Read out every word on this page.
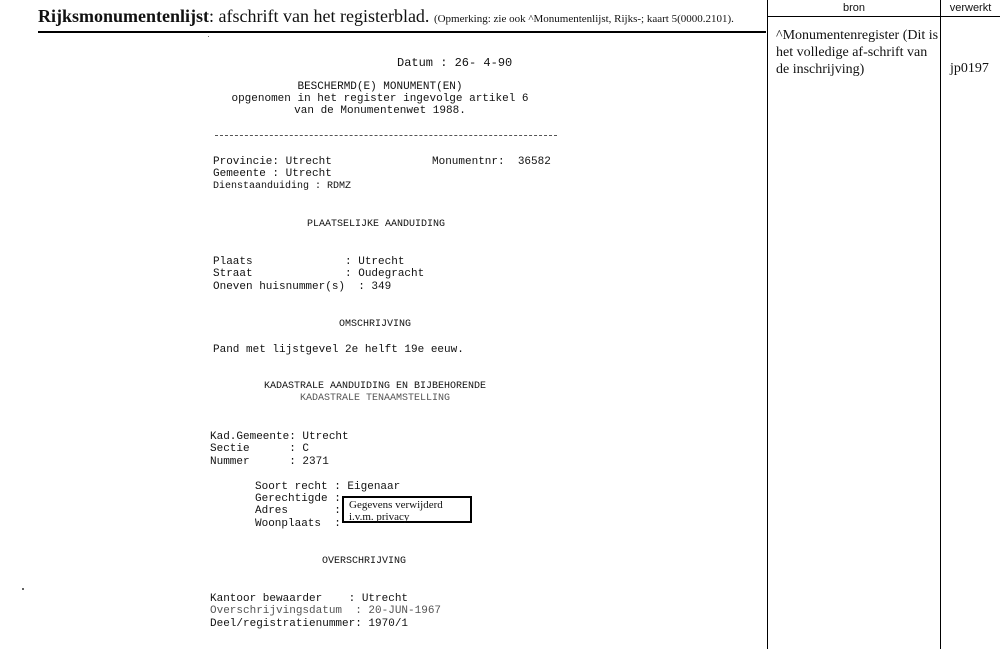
Rijksmonumentenlijst: afschrift van het registerblad. (Opmerking: zie ook ^Monumentenlijst, Rijks-; kaart 5(0000.2101).
bron	verwerkt
^Monumentenregister (Dit is het volledige af-schrift van de inschrijving)	jp0197
Datum : 26- 4-90
BESCHERMD(E) MONUMENT(EN)
opgenomen in het register ingevolge artikel 6
van de Monumentenwet 1988.
Provincie: Utrecht	Monumentnr:  36582
Gemeente : Utrecht
Dienstaanduiding : RDMZ
PLAATSELIJKE AANDUIDING
Plaats              : Utrecht
Straat              : Oudegracht
Oneven huisnummer(s)  : 349
OMSCHRIJVING
Pand met lijstgevel 2e helft 19e eeuw.
KADASTRALE AANDUIDING EN BIJBEHORENDE
KADASTRALE TENAAMSTELLING
Kad.Gemeente: Utrecht
Sectie      : C
Nummer      : 2371
Soort recht : Eigenaar
Gerechtigde :
Adres       :
Woonplaats  :
Gegevens verwijderd i.v.m. privacy
OVERSCHRIJVING
Kantoor bewaarder    : Utrecht
Overschrijvingsdatum  : 20-JUN-1967
Deel/registratienummer: 1970/1
